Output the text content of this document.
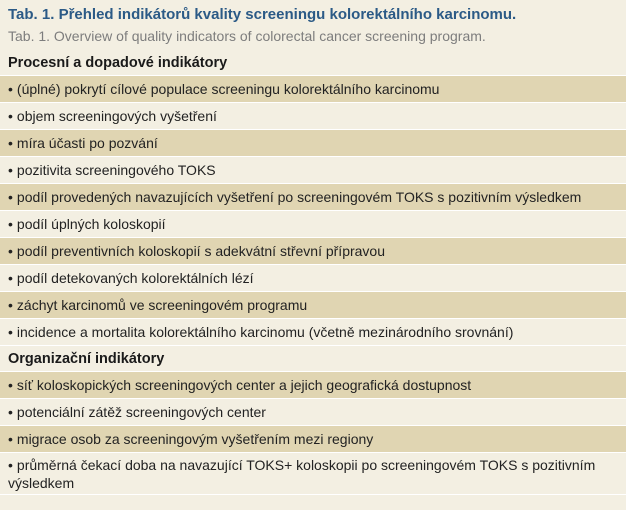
Tab. 1. Přehled indikátorů kvality screeningu kolorektálního karcinomu.
Tab. 1. Overview of quality indicators of colorectal cancer screening program.
Procesní a dopadové indikátory
• (úplné) pokrytí cílové populace screeningu kolorektálního karcinomu
• objem screeningových vyšetření
• míra účasti po pozvání
• pozitivita screeningového TOKS
• podíl provedených navazujících vyšetření po screeningovém TOKS s pozitivním výsledkem
• podíl úplných koloskopií
• podíl preventivních koloskopií s adekvátní střevní přípravou
• podíl detekovaných kolorektálních lézí
• záchyt karcinomů ve screeningovém programu
• incidence a mortalita kolorektálního karcinomu (včetně mezinárodního srovnání)
Organizační indikátory
• síť koloskopických screeningových center a jejich geografická dostupnost
• potenciální zátěž screeningových center
• migrace osob za screeningovým vyšetřením mezi regiony
• průměrná čekací doba na navazující TOKS+ koloskopii po screeningovém TOKS s pozitivním výsledkem
